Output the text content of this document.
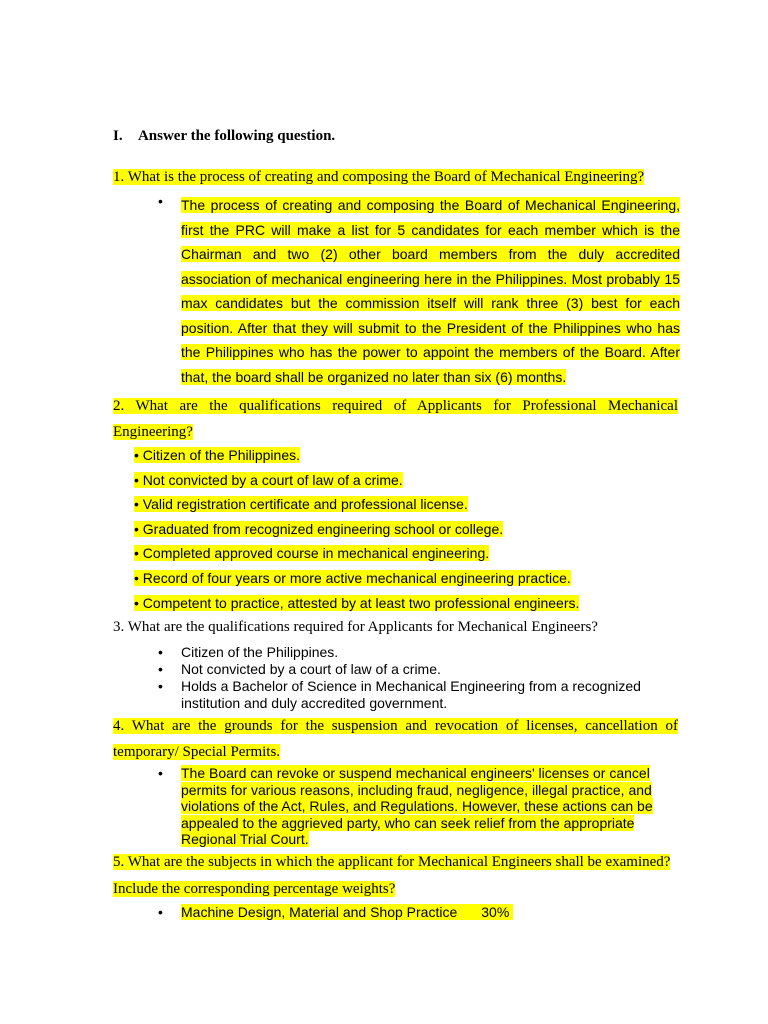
I. Answer the following question.
1. What is the process of creating and composing the Board of Mechanical Engineering?
• The process of creating and composing the Board of Mechanical Engineering, first the PRC will make a list for 5 candidates for each member which is the Chairman and two (2) other board members from the duly accredited association of mechanical engineering here in the Philippines. Most probably 15 max candidates but the commission itself will rank three (3) best for each position. After that they will submit to the President of the Philippines who has the Philippines who has the power to appoint the members of the Board. After that, the board shall be organized no later than six (6) months.
2. What are the qualifications required of Applicants for Professional Mechanical
Engineering?
• Citizen of the Philippines.
• Not convicted by a court of law of a crime.
• Valid registration certificate and professional license.
• Graduated from recognized engineering school or college.
• Completed approved course in mechanical engineering.
• Record of four years or more active mechanical engineering practice.
• Competent to practice, attested by at least two professional engineers.
3. What are the qualifications required for Applicants for Mechanical Engineers?
• Citizen of the Philippines.
• Not convicted by a court of law of a crime.
• Holds a Bachelor of Science in Mechanical Engineering from a recognized institution and duly accredited government.
4. What are the grounds for the suspension and revocation of licenses, cancellation of
temporary/ Special Permits.
• The Board can revoke or suspend mechanical engineers' licenses or cancel permits for various reasons, including fraud, negligence, illegal practice, and violations of the Act, Rules, and Regulations. However, these actions can be appealed to the aggrieved party, who can seek relief from the appropriate Regional Trial Court.
5. What are the subjects in which the applicant for Mechanical Engineers shall be examined?
Include the corresponding percentage weights?
• Machine Design, Material and Shop Practice 30%
